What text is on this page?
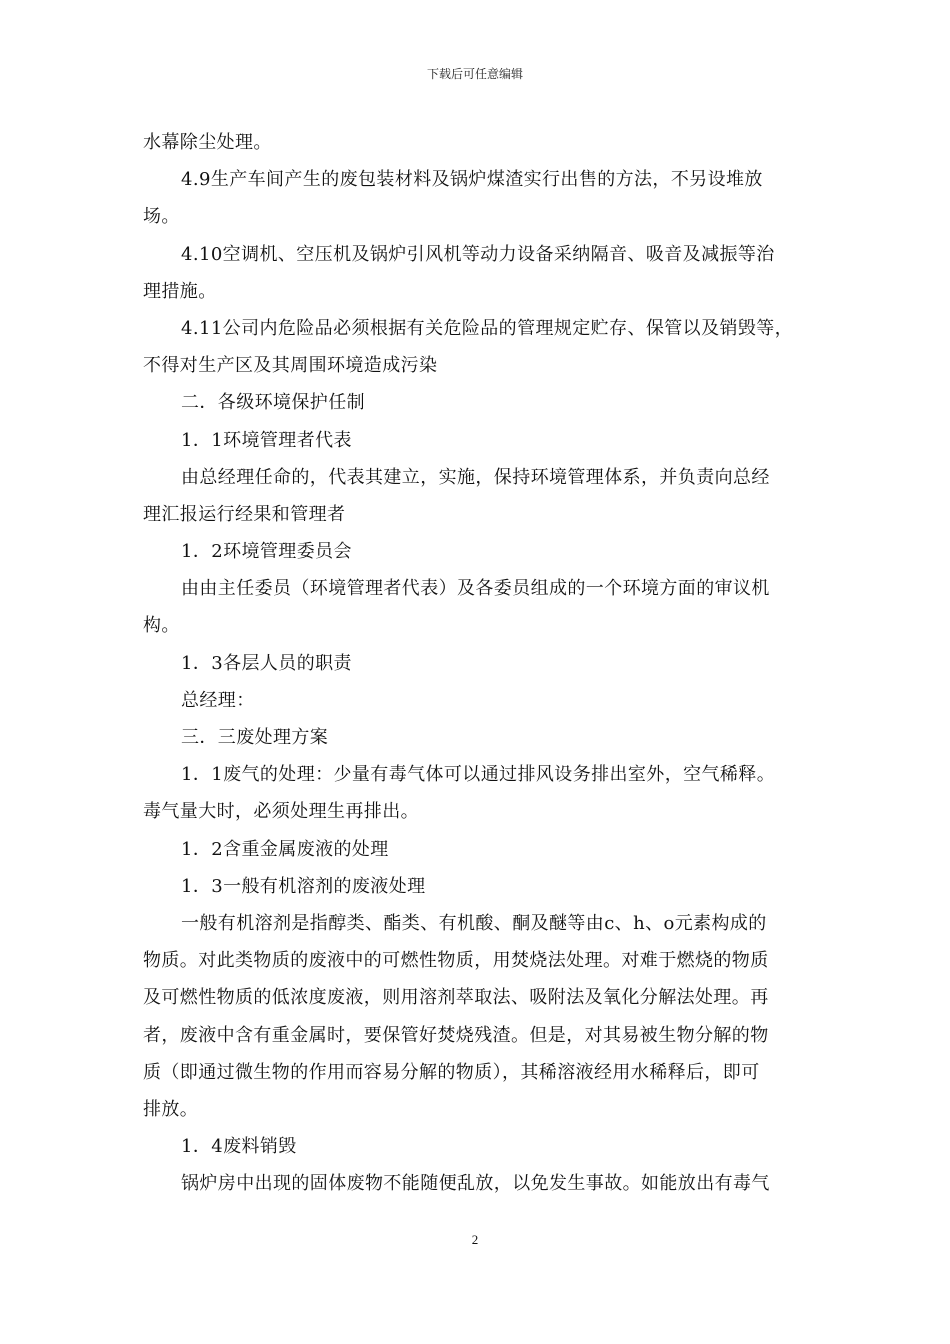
下载后可任意编辑
水幕除尘处理。
4.9生产车间产生的废包装材料及锅炉煤渣实行出售的方法，不另设堆放
场。
4.10空调机、空压机及锅炉引风机等动力设备采纳隔音、吸音及减振等治
理措施。
4.11公司内危险品必须根据有关危险品的管理规定贮存、保管以及销毁等，
不得对生产区及其周围环境造成污染
二．各级环境保护任制
1．1环境管理者代表
由总经理任命的，代表其建立，实施，保持环境管理体系，并负责向总经
理汇报运行经果和管理者
1．2环境管理委员会
由由主任委员（环境管理者代表）及各委员组成的一个环境方面的审议机
构。
1．3各层人员的职责
总经理：
三．三废处理方案
1．1废气的处理：少量有毒气体可以通过排风设务排出室外，空气稀释。
毒气量大时，必须处理生再排出。
1．2含重金属废液的处理
1．3一般有机溶剂的废液处理
一般有机溶剂是指醇类、酯类、有机酸、酮及醚等由c、h、o元素构成的
物质。对此类物质的废液中的可燃性物质，用焚烧法处理。对难于燃烧的物质
及可燃性物质的低浓度废液，则用溶剂萃取法、吸附法及氧化分解法处理。再
者，废液中含有重金属时，要保管好焚烧残渣。但是，对其易被生物分解的物
质（即通过微生物的作用而容易分解的物质），其稀溶液经用水稀释后，即可
排放。
1．4废料销毁
锅炉房中出现的固体废物不能随便乱放，以免发生事故。如能放出有毒气
2
